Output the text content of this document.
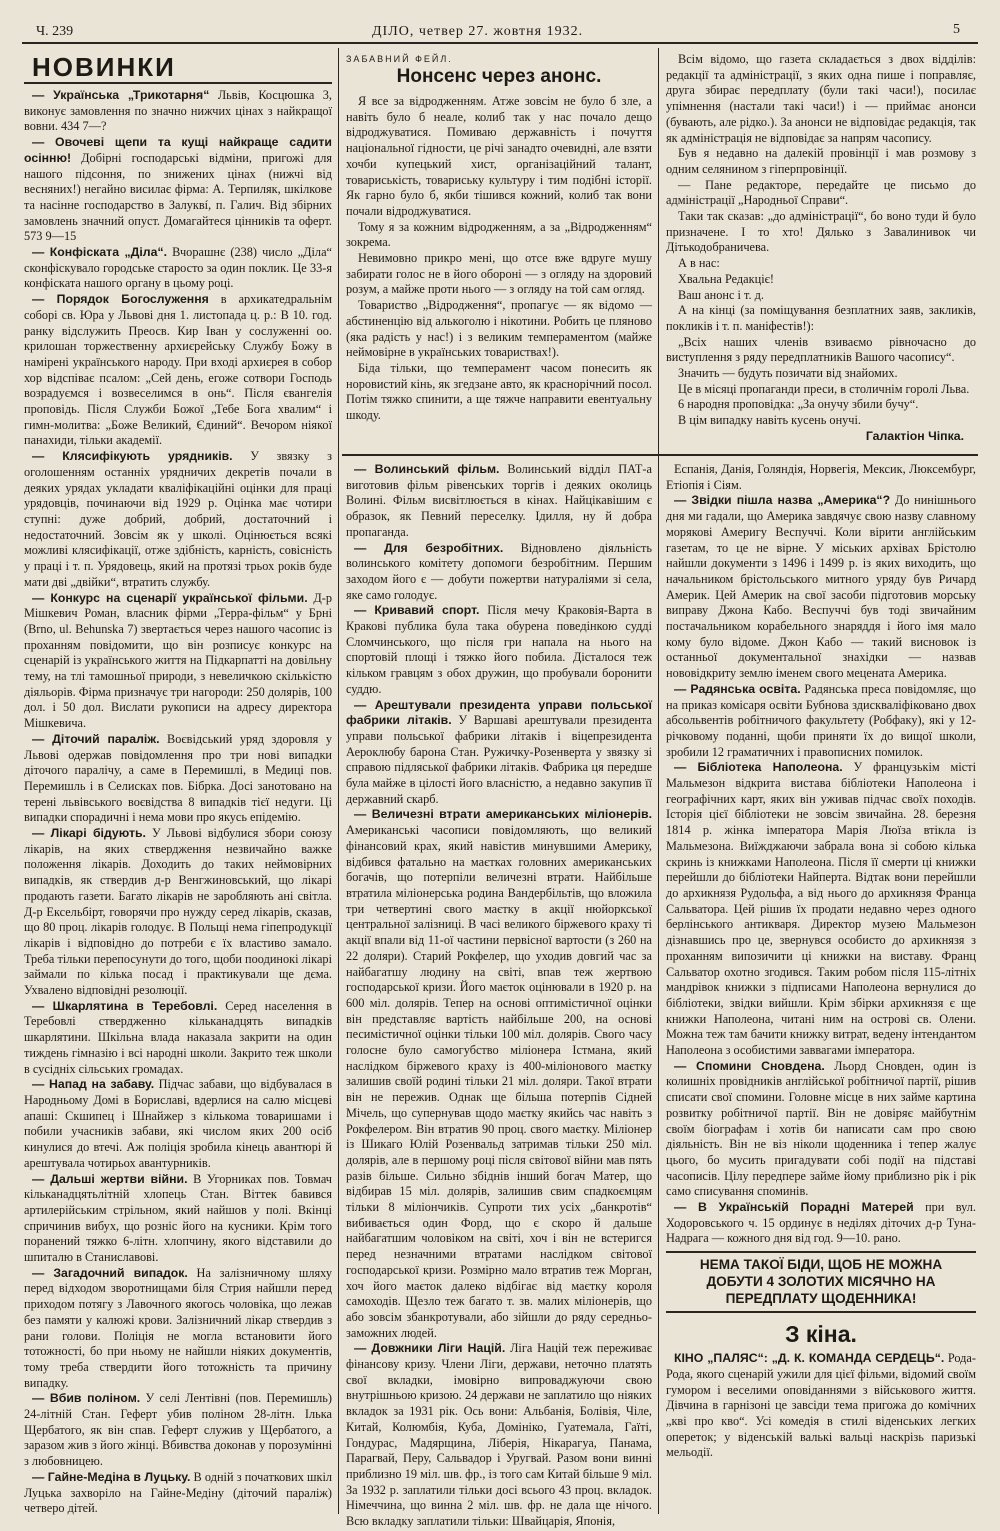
Ч. 239	ДІЛО, четвер 27. жовтня 1932.	5
НОВИНКИ

— Українська „Трикотарня“ Львів, Косцюшка 3, виконує замовлення по значно нижчих цінах з найкращої вовни. 434 7—?

— Овочеві щепи та кущі найкраще садити осінню! Добірні господарські відміни, пригожі для нашого підсоння, по знижених цінах (нижчі від весняних!) негайно висилає фірма: А. Терпиляк, шкілкове та насінне господарство в Залуквí, п. Галич. Від збірних замовлень значний опуст. Домагайтеся цінників та оферт. 573 9—15

— Конфіската „Діла“. Вчорашнє (238) число „Діла“ сконфіскувало городське старосто за один поклик. Це 33-я конфіската нашого органу в цьому році.

— Порядок Богослуження в архикатедральнім соборі св. Юра у Львові дня 1. листопада ц. р.: В 10. год. ранку відслужить Преосв. Кир Іван у сослуженні оо. крилошан торжественну архиєрейську Службу Божу в намірені українського народу. При вході архиєрея в собор хор відспіває псалом: „Сей день, егоже сотвори Господь возрадуємся і возвеселимся в онь“. Після євангелія проповідь. Після Служби Божої „Тебе Бога хвалим“ і гимн-молитва: „Боже Великий, Єдиний“. Вечором ніякої панахиди, тільки академії.

— Клясифікують урядників. У звязку з оголошенням останніх урядничих декретів почали в деяких урядах укладати кваліфікаційні оцінки для праці урядовців, починаючи від 1929 р. Оцінка має чотири ступні: дуже добрий, добрий, достаточний і недостаточний. Зовсім як у школі. Оцінюється всякі можливі клясифікації, отже здібність, карність, совісність у праці і т. п. Урядовець, який на протязі трьох років буде мати дві „двійки“, втратить службу.

— Конкурс на сценарії української фільми. Д-р Мішкевич Роман, власник фірми „Терра-фільм“ у Брні (Brno, ul. Behunska 7) звертається через нашого часопис із проханням повідомити, що він розписує конкурс на сценарій із українського життя на Підкарпатті на довільну тему, на тлі тамошньої природи, з невеличкою скількістю діяльорів. Фірма призначує три нагороди: 250 долярів, 100 дол. і 50 дол. Вислати рукописи на адресу директора Мішкевича.

— Діточий параліж. Воєвідський уряд здоровля у Львові одержав повідомлення про три нові випадки діточого паралічу, а саме в Перемишлі, в Медиці пов. Перемишль і в Селисках пов. Бібрка. Досі занотовано на терені львівського воєвідства 8 випадків тієї недуги. Ці випадки спорадичні і нема мови про якусь епідемію.

— Лікарі бідують. У Львові відбулися збори союзу лікарів, на яких ствердження незвичайно важке положення лікарів. Доходить до таких неймовірних випадків, як ствердив д-р Венгжиновський, що лікарі продають газети. Багато лікарів не заробляють ані світла. Д-р Ексельбірт, говорячи про нужду серед лікарів, сказав, що 80 проц. лікарів голодує. В Польщі нема гіпепродукції лікарів і відповідно до потреби є їх властиво замало. Треба тільки перепосунути до того, щоби поодинокі лікарі займали по кілька посад і практикували ще дєма. Ухвалено відповідні резолюції.

— Шкарлятина в Теребовлі. Серед населення в Теребовлі ствердженно кільканадцять випадків шкарлятини. Шкільна влада наказала закрити на один тиждень гімназію і всі народні школи. Закрито теж школи в сусідніх сільських громадах.

— Напад на забаву. Підчас забави, що відбувалася в Народньому Домі в Бориславі, вдерлися на салю місцеві апаші: Скшипец і Шнайжер з кількома товаришами і побили учасників забави, які числом яких 200 осіб кинулися до втечі. Аж поліція зробила кінець авантюрі й арештувала чотирьох авантурників.

— Дальші жертви війни. В Угорниках пов. Товмач кільканадцятьлітній хлопець Стан. Віттек бавився артилерійським стрільном, який найшов у полі. Вкінці спричинив вибух, що розніс його на кусники. Крім того поранений тяжко 6-літн. хлопчину, якого відставили до шпиталю в Станиславові.

— Загадочний випадок. На залізничному шляху перед відходом зворотнищами біля Стрия найшли перед приходом потягу з Лавочного якогось чоловіка, що лежав без памяти у калюжі крови. Залізничний лікар ствердив з рани голови. Поліція не могла встановити його тотожності, бо при ньому не найшли ніяких документів, тому треба ствердити його тотожність та причину випадку.

— Вбив поліном. У селі Лентівні (пов. Перемишль) 24-літній Стан. Геферт убив поліном 28-літн. Ілька Щербатого, як він спав. Геферт служив у Щербатого, а зарaзом жив з його жінці. Вбивства доконав у порозумінні з любовницею.

— Гайне-Медіна в Луцьку. В одній з початкових шкіл Луцька захворіло на Гайне-Медіну (діточий параліж) четверо дітей.

ЗАБАВНИЙ ФЕЙЛ.
Нонсенс через анонс.

Я все за відродженням. Атже зовсім не було б зле, а навіть було б неале, колиб так у нас почало дещо відроджуватися. Помиваю державність і почуття національної гідности, це річі занадто очевидні, але взяти хочби купецький хист, організаційний талант, товариськість, товариську культуру і тим подібні історії. Як гарно було б, якби тішився кожний, колиб так вони почали відроджуватися.

Тому я за кожним відродженням, а за „Відродженням“ зокрема.

Невимовно прикро мені, що отсе вже вдруге мушу забирати голос не в його обороні — з огляду на здоровий розум, а майже проти нього — з огляду на той сам огляд.

Товариство „Відродження“, пропагує — як відомо — абстиненцію від алькоголю і нікотини. Робить це пляново (яка радість у нас!) і з великим темпераментом (майже неймовірне в українських товариствах!).

Біда тільки, що темперамент часом понесить як норовистий кінь, як згедзане авто, як краснорічний посол. Потім тяжко спинити, а ще тяжче направити евентуальну шкоду.

Всім відомо, що газета складається з двох відділів: редакції та адміністрації, з яких одна пише і поправляє, друга збирає передплату (були такі часи!), посилає упімнення (настали такі часи!) і — приймає анонси (бувають, але рідко.). За анонси не відповідає редакція, так як адміністрація не відповідає за напрям часопису.

Був я недавно на далекій провінції і мав розмову з одним селянином з гіперпровінції.

— Пане редакторе, передайте це письмо до адміністрації „Народньої Справи“.

Таки так сказав: „до адміністрації“, бо воно туди й було призначене. І то хто! Дялько з Завалинивок чи Дітькодобраничева.

А в нас:

Хвальна Редакціє!

Ваш анонс і т. д.

А на кінці (за поміщування безплатних заяв, закликів, покликів і т. п. маніфестів!):

„Всіх наших членів взиваємо рівночасно до виступлення з ряду передплатників Вашого часопису“.

Значить — будуть позичати від знайомих.

Це в місяці пропаганди преси, в столичнім горолі Льва.

6 народня проповідка: „За онучу збили бучу“.

В цім випадку навіть кусень онучі.

Галактіон Чіпка.

— Волинський фільм. Волинський відділ ПАТ-а виготовив фільм рівенських торгів і деяких околиць Волині. Фільм висвітлюється в кінах. Найцікавішим є образок, як Певний переселку. Ідилля, ну й добра пропаганда.

— Для безробітних. Відновлено діяльність волинського комітету допомоги безробітним. Першим заходом його є — добути пожертви натураліями зі села, яке само голодує.

— Кривавий спорт. Після мечу Краковія-Варта в Кракові публика була така обурена поведінкою судді Сломчинського, що після гри напала на нього на спортовій площі і тяжко його побила. Дісталося теж кільком гравцям з обох дружин, що пробували боронити суддю.

— Арештували президента управи польської фабрики літаків. У Варшаві арештували президента управи польської фабрики літаків і віцепрезидента Аероклюбу барона Стан. Ружичку-Розенверта у звязку зі справою підляської фабрики літаків. Фабрика ця передше була майже в цілості його власністю, а недавно закупив її державний скарб.

— Величезні втрати американських міліонерів. Американські часописи повідомляють, що великий фінансовий крах, який навістив минувшими Америку, відбився фатально на маєтках головних американських богачів, що потерпіли величезні втрати. Найбільше втратила міліонерська родина Вандербільтів, що вложила три четвертині свого маєтку в акції нюйоркської центральної залізниці. В часі великого біржевого краху ті акції впали від 11-ої частини первісної вартости (з 260 на 22 доляри). Старий Рокфелер, що уходив довгий час за найбагатшу людину на світі, впав теж жертвою господарської кризи. Його маєток оцінювали в 1920 р. на 600 міл. долярів. Тепер на основі оптимістичної оцінки він представляє вартість найбільше 200, на основі песимістичної оцінки тільки 100 міл. долярів. Свого часу голосне було самогубство міліонера Істмана, який наслідком біржевого краху із 400-міліонового маєтку залишив своїй родині тільки 21 міл. доляри. Такої втрати він не пережив. Однак ще більша потерпів Сідней Мічель, що супернував щодо маєтку якийсь час навіть з Рокфелером. Він втратив 90 проц. свого маєтку. Міліонер із Шикаго Юлій Розенвальд затримав тільки 250 міл. долярів, але в першому році після світової війни мав пять разів більше. Сильно збіднів інший богач Матер, що відбирав 15 міл. долярів, залишив свим спадкоємцям тільки 8 міліончиків. Супроти тих усіх „банкротів“ вибивається один Форд, що є скоро й дальше найбагатшим чоловіком на світі, хоч і він не встеригся перед незначними втратами наслідком світової господарської кризи. Розмірно мало втратив теж Морган, хоч його маєток далеко відбігає від маєтку короля самоходів. Щезло теж багато т. зв. малих міліонерів, що або зовсім збанкротували, або зійшли до ряду середньо-заможних людей.

— Довжники Ліги Націй. Ліга Націй теж переживає фінансову кризу. Члени Ліги, держави, неточно платять свої вкладки, імовірно випроваджуючи свою внутрішньою кризою. 24 держави не заплатило що ніяких вкладок за 1931 рік. Ось вони: Альбанія, Болівія, Чіле, Китай, Колюмбія, Куба, Домініко, Гуатемала, Гаїті, Гондурас, Мадярщина, Ліберія, Нікарагуа, Панама, Парагвай, Перу, Сальвадор і Уругвай. Разом вони винні приблизно 19 міл. шв. фр., із того сам Китай більше 9 міл. За 1932 р. заплатили тільки досі всього 43 проц. вкладок. Німеччина, що винна 2 міл. шв. фр. не дала ще нічого. Всю вкладку заплатили тільки: Швайцарія, Японія,

Еспанія, Данія, Голяндія, Норвегія, Мексик, Люксембург, Етіопія і Сіям.

— Звідки пішла назва „Америка“? До нинішнього дня ми гадали, що Америка завдячує свою назву славному морякові Америгу Веспуччі. Коли вірити англійським газетам, то це не вірне. У міських архівах Брістолю найшли документи з 1496 і 1499 р. із яких виходить, що начальником брістольського митного уряду був Ричард Америк. Цей Америк на свої засоби підготовив морську виправу Джона Кабо. Веспуччі був тоді звичайним постачальником корабельного знаряддя і його імя мало кому було відоме. Джон Кабо — такий висновок із останньої документальної знахідки — назвав нововідкриту землю іменем свого мецената Америка.

— Радянська освіта. Радянська преса повідомляє, що на приказ комісаря освіти Бубнова здискваліфіковано двох абсольвентів робітничого факультету (Робфаку), які у 12-річковому поданні, щоби приняти їх до вищої школи, зробили 12 граматичних і правописних помилок.

— Бібліотека Наполеона. У французькім місті Мальмезон відкрита виставa бібліотеки Наполеона і географічних карт, яких він уживав підчас своїх походів. Історія цієї бібліотеки не зовсім звичайна. 28. березня 1814 р. жінка імператора Марія Люїза втікла із Мальмезона. Виїжджаючи забрала вона зі собою кілька скринь із книжками Наполеона. Після її смерти ці книжки перейшли до бібліотеки Найперта. Відтак вони перейшли до архикнязя Рудольфа, а від нього до архикнязя Франца Сальватора. Цей рішив їх продати недавно через одного берлінського антикваря. Директор музею Мальмезон дізнавшись про це, звернувся особисто до архикнязя з проханням випозичити ці книжки на виставу. Франц Сальватор охотно згодився. Таким робом після 115-літніх мандрівок книжки з підписами Наполеона вернулися до бібліотеки, звідки вийшли. Крім збірки архикнязя є ще книжки Наполеона, читані ним на острові св. Олени. Можна теж там бачити книжку витрат, ведену інтендантом Наполеона з особистими заввагами імператора.

— Спомини Сновдена. Льорд Сновден, один із колишніх провідників англійської робітничої партії, рішив списати свої спомини. Головне місце в них займе картина розвитку робітничої партії. Він не довіряє майбутнім своїм біографам і хотів би написати сам про свою діяльність. Він не віз ніколи щоденника і тепер жалує цього, бо мусить пригадувати собі події на підставі часописів. Цілу передпере займe йому приблизно рік і рік само списування споминів.

— В Українській Порадні Матерей при вул. Ходоровського ч. 15 ординує в неділях діточих д-р Туна-Надрага — кожного дня від год. 9—10. рано.

НЕМА ТАКОЇ БІДИ, ЩОБ НЕ МОЖНА ДОБУТИ 4 ЗОЛОТИХ МІСЯЧНО НА ПЕРЕДПЛАТУ ЩОДЕННИКА!
З кіна.

КІНО „ПАЛЯС“: „Д. К. КОМАНДА СЕРДЕЦЬ“. Рода-Рода, якого сценарій ужили для цієї фільми, відомий своїм гумором і веселими оповіданнями з військового життя. Дівчина в гарнізоні це завсіди тема пригожа до комічних „кві про кво“. Усі комедія в стилі віденських легких оперетoк; у віденській валькі вальці наскрізь паризькі мельодії.
